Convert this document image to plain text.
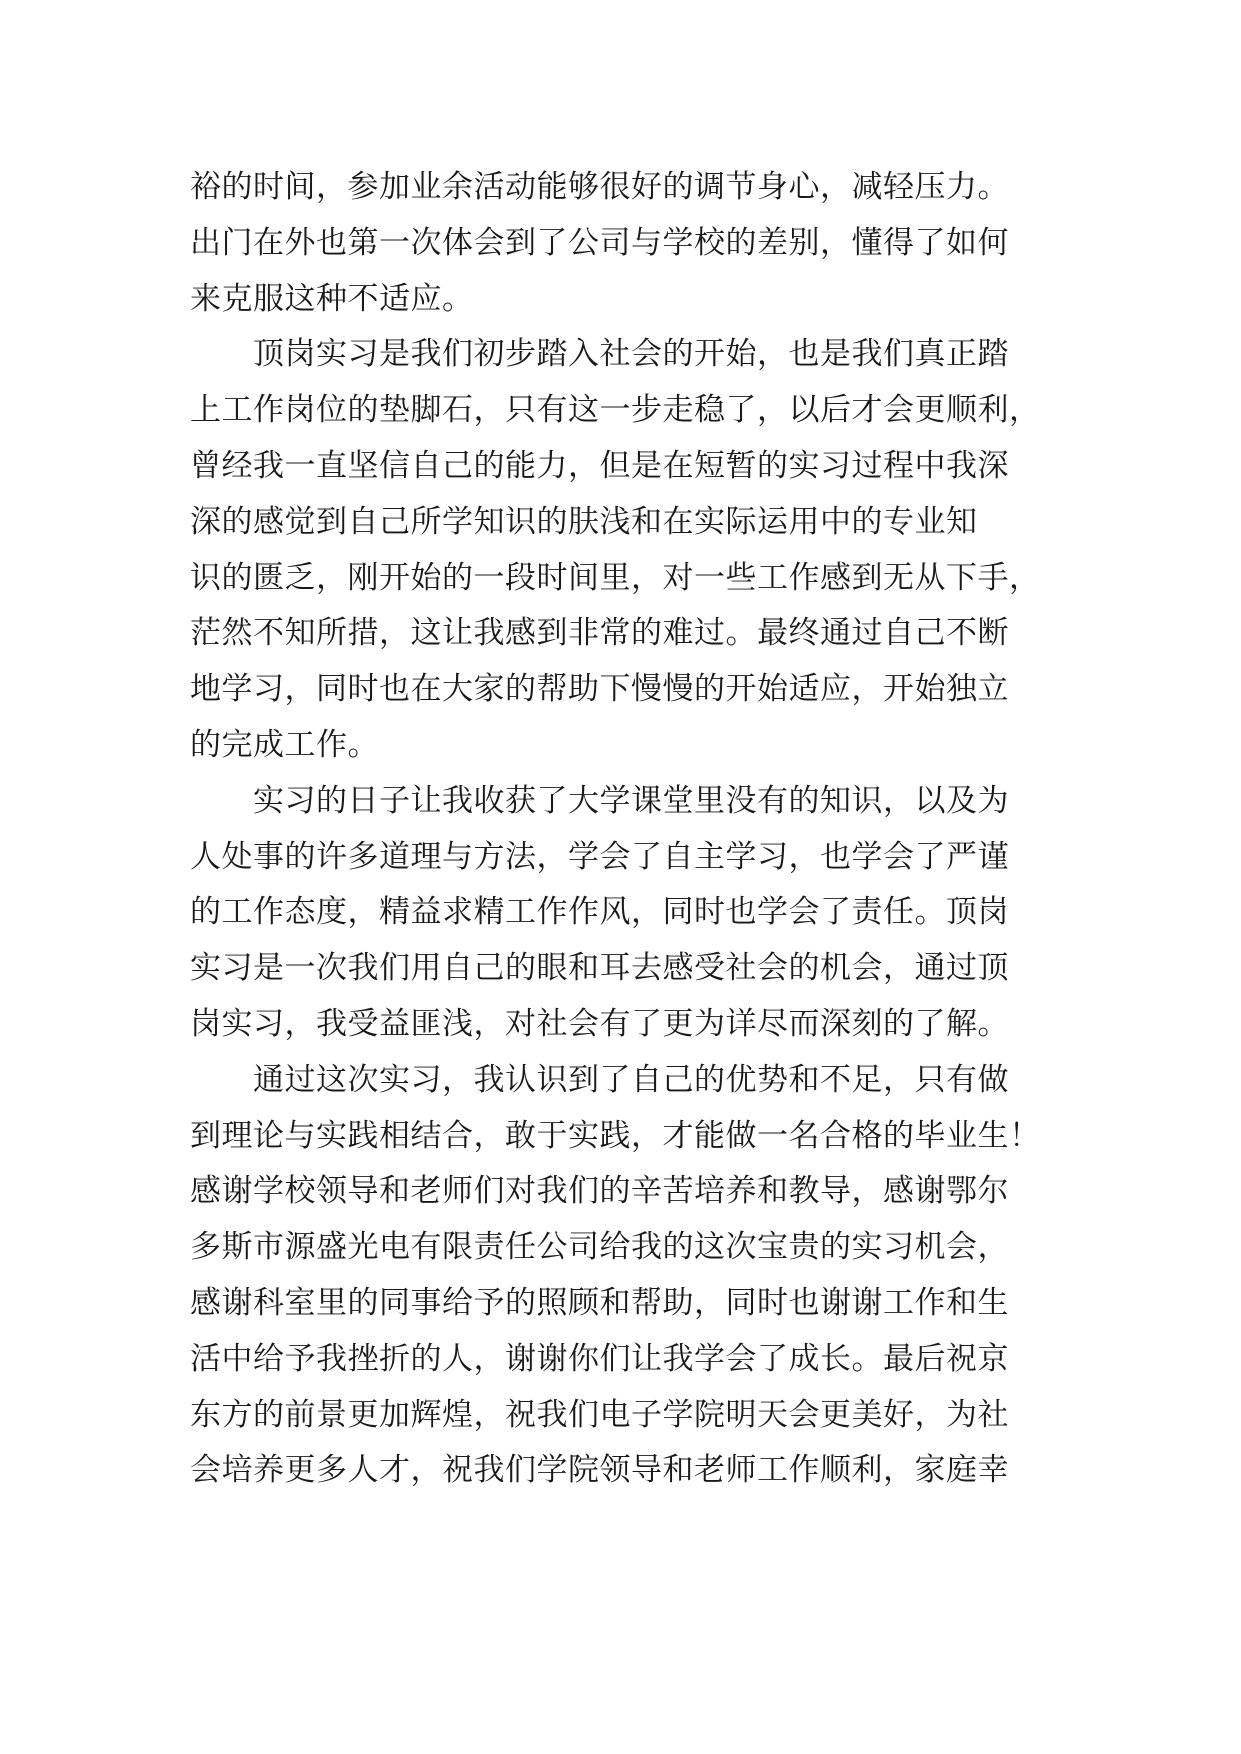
裕的时间，参加业余活动能够很好的调节身心，减轻压力。
出门在外也第一次体会到了公司与学校的差别，懂得了如何
来克服这种不适应。
　　顶岗实习是我们初步踏入社会的开始，也是我们真正踏
上工作岗位的垫脚石，只有这一步走稳了，以后才会更顺利，
曾经我一直坚信自己的能力，但是在短暂的实习过程中我深
深的感觉到自己所学知识的肤浅和在实际运用中的专业知
识的匮乏，刚开始的一段时间里，对一些工作感到无从下手，
茫然不知所措，这让我感到非常的难过。最终通过自己不断
地学习，同时也在大家的帮助下慢慢的开始适应，开始独立
的完成工作。
　　实习的日子让我收获了大学课堂里没有的知识，以及为
人处事的许多道理与方法，学会了自主学习，也学会了严谨
的工作态度，精益求精工作作风，同时也学会了责任。顶岗
实习是一次我们用自己的眼和耳去感受社会的机会，通过顶
岗实习，我受益匪浅，对社会有了更为详尽而深刻的了解。
　　通过这次实习，我认识到了自己的优势和不足，只有做
到理论与实践相结合，敢于实践，才能做一名合格的毕业生！
感谢学校领导和老师们对我们的辛苦培养和教导，感谢鄂尔
多斯市源盛光电有限责任公司给我的这次宝贵的实习机会，
感谢科室里的同事给予的照顾和帮助，同时也谢谢工作和生
活中给予我挫折的人，谢谢你们让我学会了成长。最后祝京
东方的前景更加辉煌，祝我们电子学院明天会更美好，为社
会培养更多人才，祝我们学院领导和老师工作顺利，家庭幸
